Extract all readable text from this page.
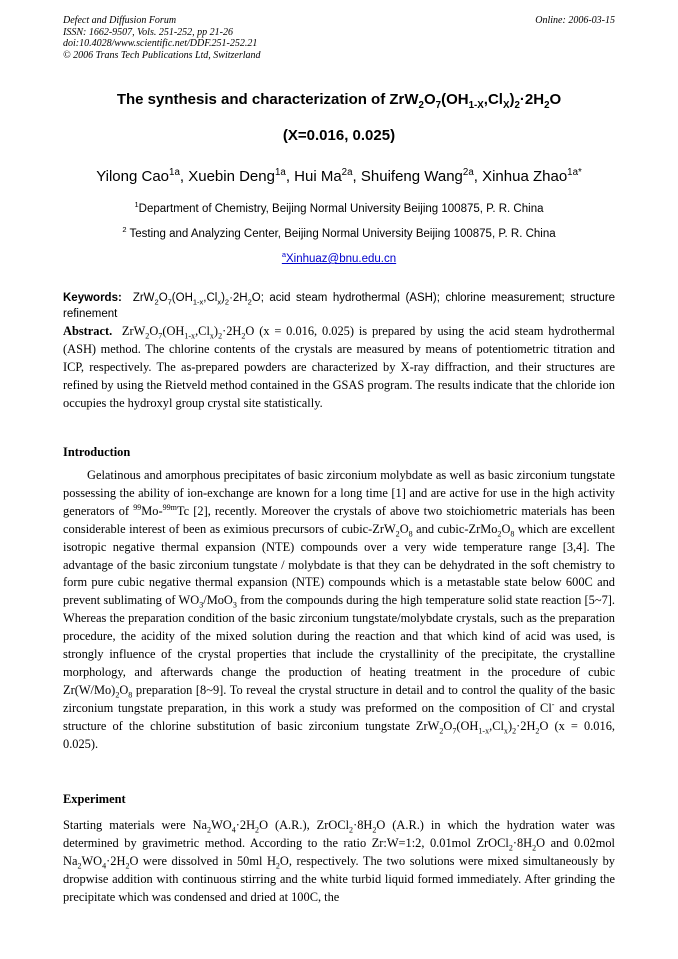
Defect and Diffusion Forum
ISSN: 1662-9507, Vols. 251-252, pp 21-26
doi:10.4028/www.scientific.net/DDF.251-252.21
© 2006 Trans Tech Publications Ltd, Switzerland
Online: 2006-03-15
The synthesis and characterization of $ZrW_2O_7(OH_{1-X},Cl_X)_2\cdot 2H_2O$
(X=0.016, 0.025)
Yilong Cao$^{1a}$, Xuebin Deng$^{1a}$, Hui $Ma^{2a}$, Shuifeng Wang$^{2a}$, Xinhua Zhao$^{1a*}$
$^1$Department of Chemistry, Beijing Normal University Beijing 100875, P. R. China
$^2$ Testing and Analyzing Center, Beijing Normal University Beijing 100875, P. R. China
$^a$Xinhuaz@bnu.edu.cn
Keywords: $ZrW_2O_7(OH_{1-x},Cl_x)_2\cdot 2H_2O$; acid steam hydrothermal (ASH); chlorine measurement; structure refinement
Abstract. $ZrW_2O_7(OH_{1-x},Cl_x)_2\cdot 2H_2O$ (x = 0.016, 0.025) is prepared by using the acid steam hydrothermal (ASH) method. The chlorine contents of the crystals are measured by means of potentiometric titration and ICP, respectively. The as-prepared powders are characterized by X-ray diffraction, and their structures are refined by using the Rietveld method contained in the GSAS program. The results indicate that the chloride ion occupies the hydroxyl group crystal site statistically.
Introduction
Gelatinous and amorphous precipitates of basic zirconium molybdate as well as basic zirconium tungstate possessing the ability of ion-exchange are known for a long time [1] and are active for use in the high activity generators of $^{99}$Mo-$^{99m}$Tc [2], recently. Moreover the crystals of above two stoichiometric materials has been considerable interest of been as eximious precursors of cubic-$ZrW_2O_8$ and cubic-$ZrMo_2O_8$ which are excellent isotropic negative thermal expansion (NTE) compounds over a very wide temperature range [3,4]. The advantage of the basic zirconium tungstate / molybdate is that they can be dehydrated in the soft chemistry to form pure cubic negative thermal expansion (NTE) compounds which is a metastable state below 600C and prevent sublimating of $WO_3/MoO_3$ from the compounds during the high temperature solid state reaction [5~7]. Whereas the preparation condition of the basic zirconium tungstate/molybdate crystals, such as the preparation procedure, the acidity of the mixed solution during the reaction and that which kind of acid was used, is strongly influence of the crystal properties that include the crystallinity of the precipitate, the crystalline morphology, and afterwards change the production of heating treatment in the procedure of cubic $Zr(W/Mo)_2O_8$ preparation [8~9]. To reveal the crystal structure in detail and to control the quality of the basic zirconium tungstate preparation, in this work a study was preformed on the composition of Cl- and crystal structure of the chlorine substitution of basic zirconium tungstate $ZrW_2O_7(OH_{1-x},Cl_x)_2\cdot 2H_2O$ (x = 0.016, 0.025).
Experiment
Starting materials were $Na_2WO_4\cdot 2H_2O$ (A.R.), $ZrOCl_2\cdot 8H_2O$ (A.R.) in which the hydration water was determined by gravimetric method. According to the ratio Zr:W=1:2, 0.01mol $ZrOCl_2\cdot 8H_2O$ and 0.02mol $Na_2WO_4\cdot 2H_2O$ were dissolved in 50ml $H_2O$, respectively. The two solutions were mixed simultaneously by dropwise addition with continuous stirring and the white turbid liquid formed immediately. After grinding the precipitate which was condensed and dried at 100C, the
